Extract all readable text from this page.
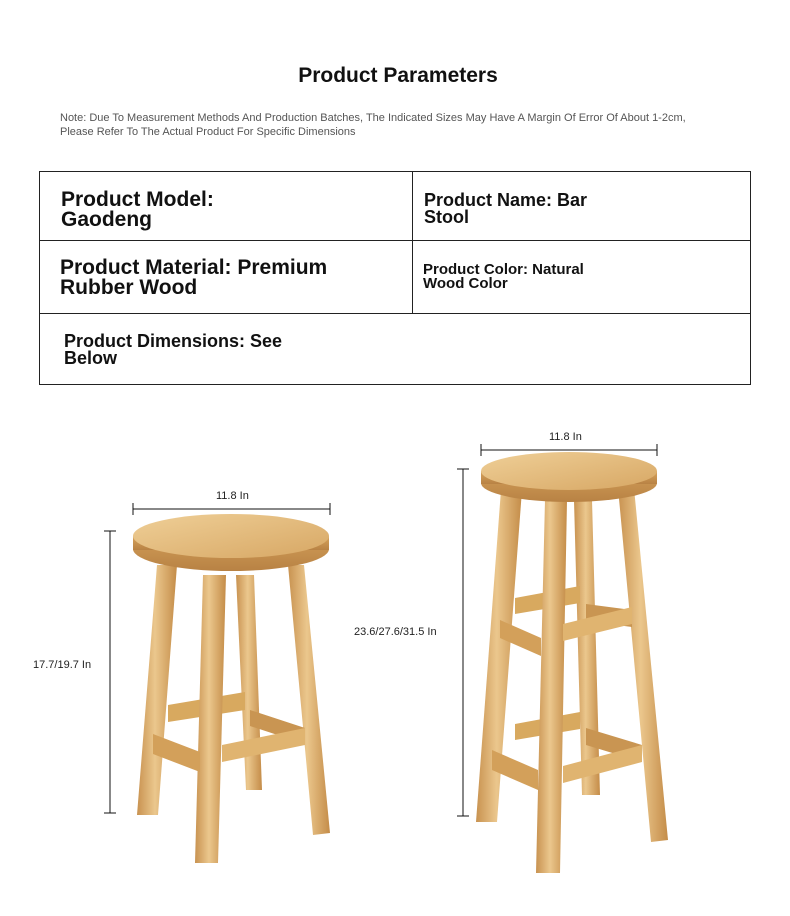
Product Parameters
Note: Due To Measurement Methods And Production Batches, The Indicated Sizes May Have A Margin Of Error Of About 1-2cm, Please Refer To The Actual Product For Specific Dimensions
Product Model: Gaodeng	Product Name: Bar Stool

Product Material: Premium Rubber Wood	Product Color: Natural Wood Color

Product Dimensions: See Below	
11.8 In
17.7/19.7 In
11.8 In
23.6/27.6/31.5 In
